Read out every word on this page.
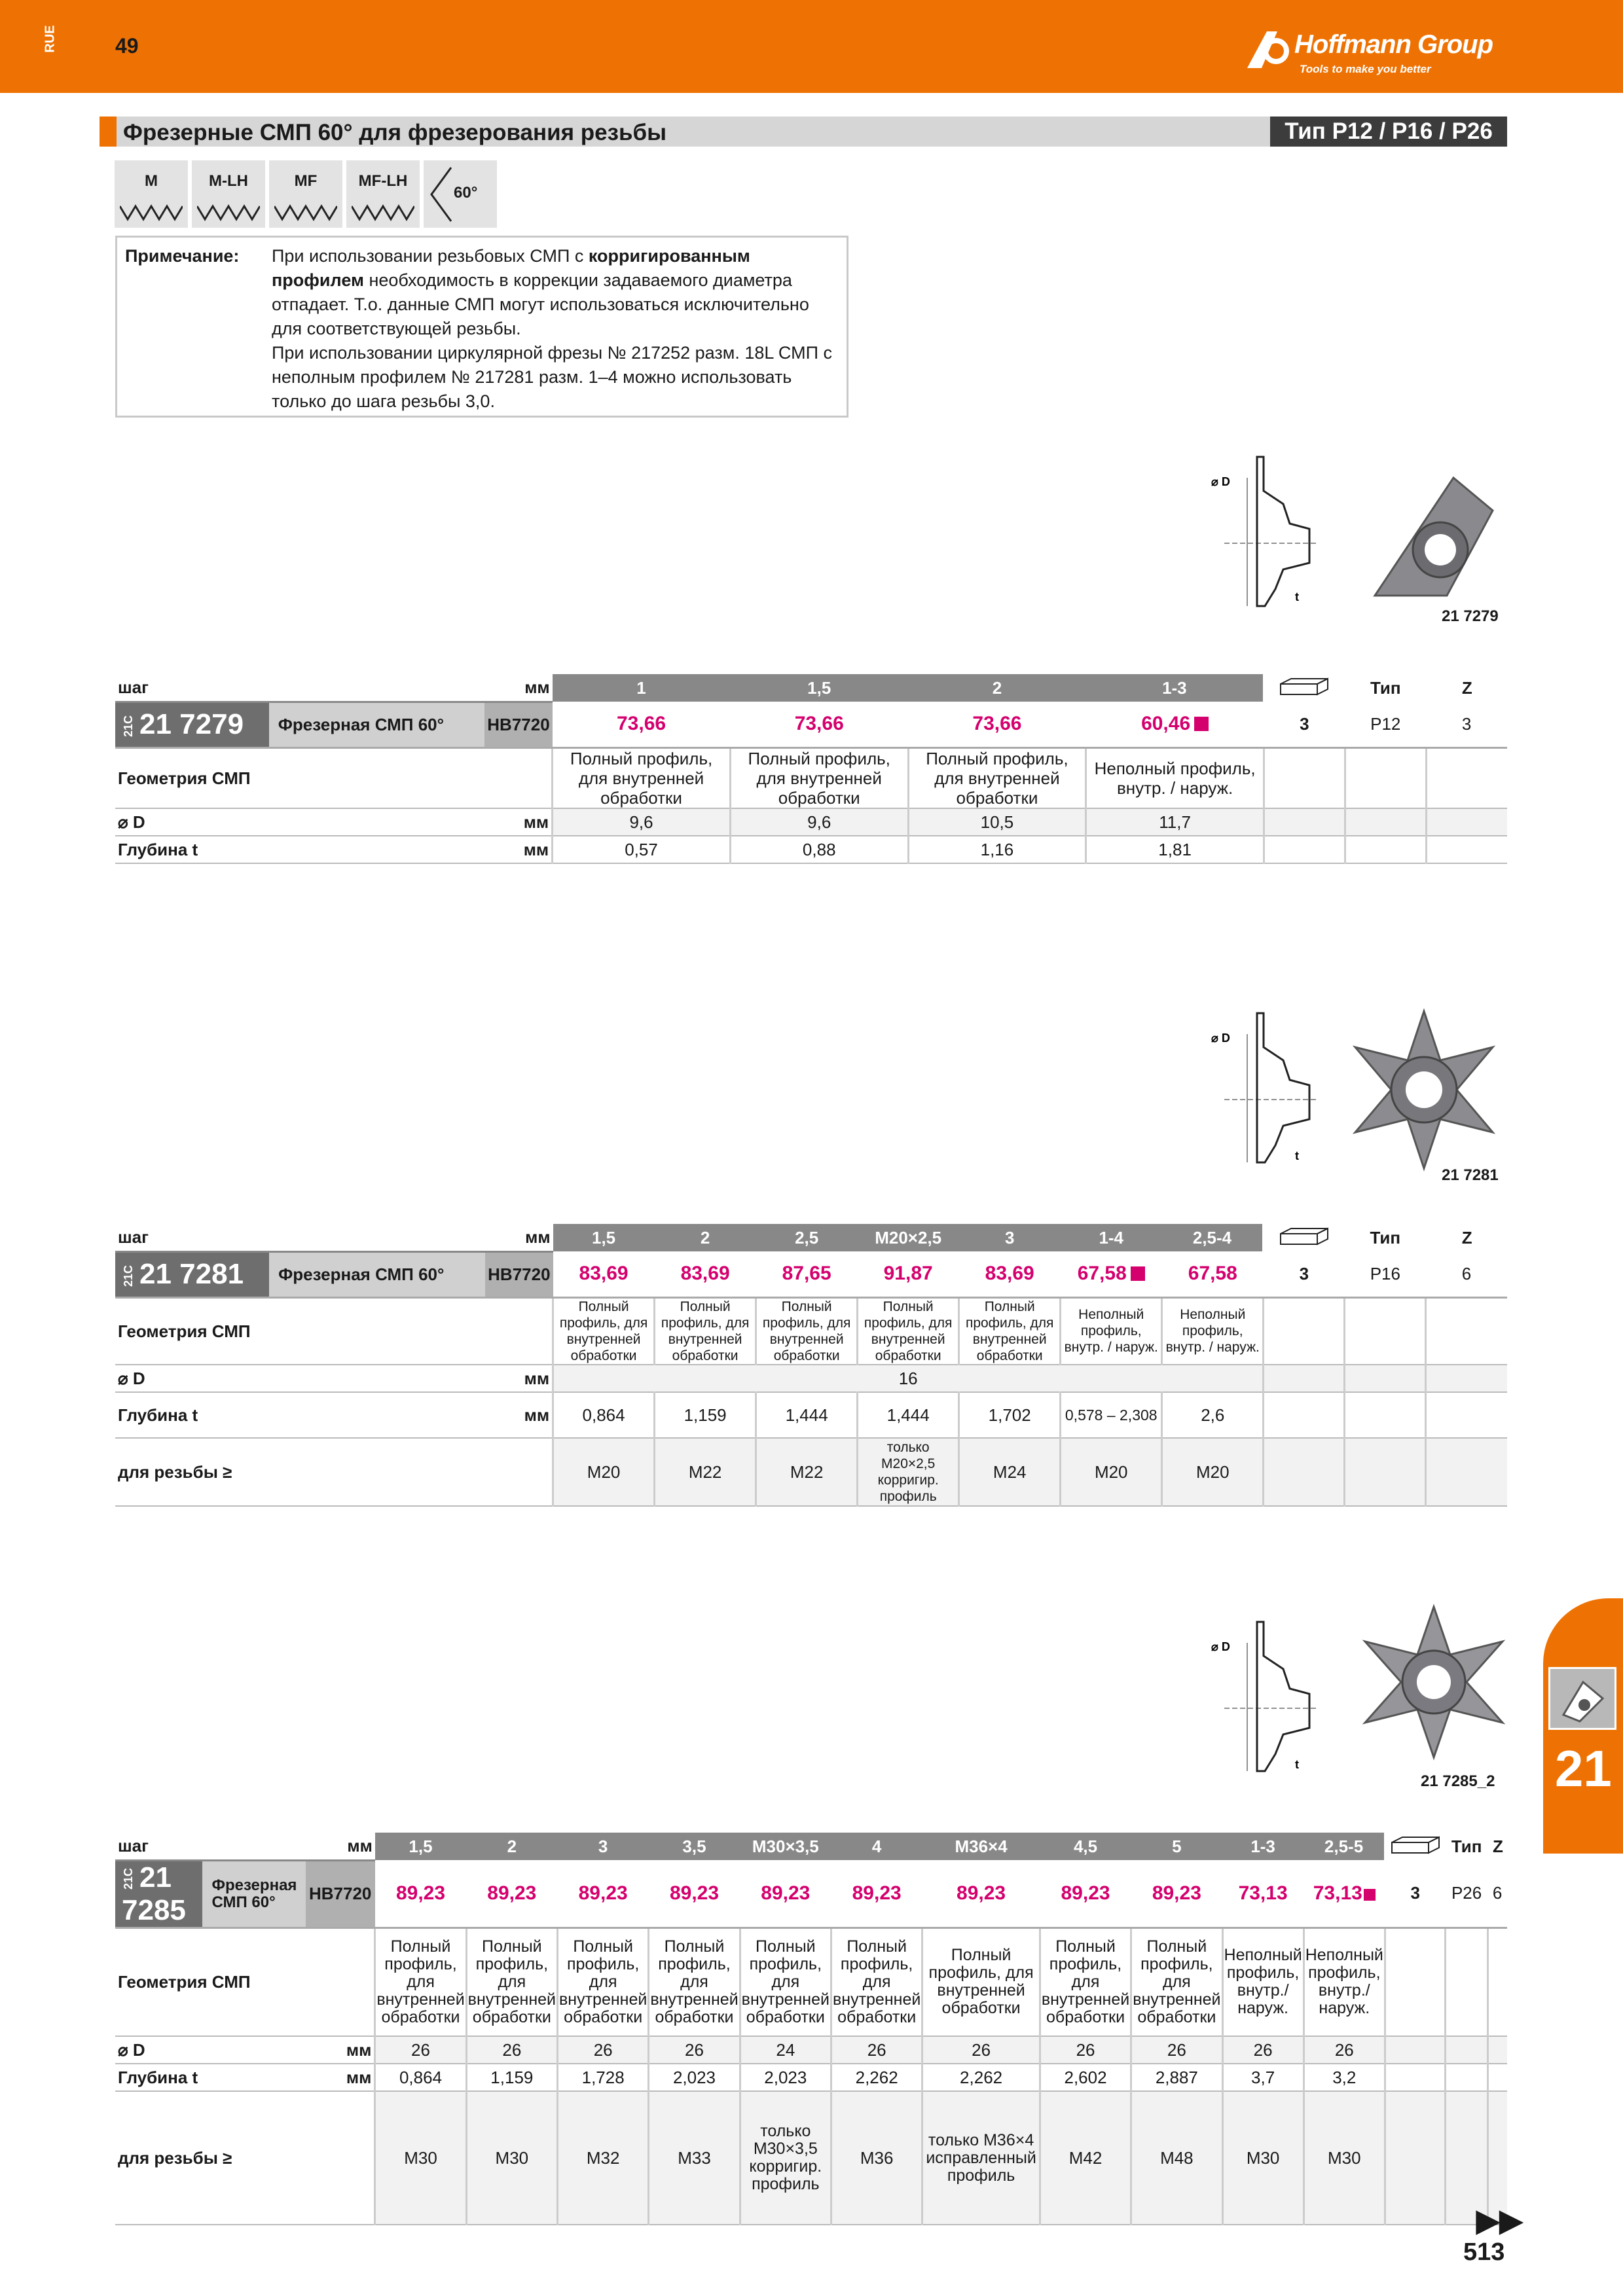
RUE	49	Hoffmann Group
Tools to make you better
Фрезерные СМП 60° для фрезерования резьбы	Тип P12 / P16 / P26
M	M-LH	MF	MF-LH
60°
Примечание: При использовании резьбовых СМП с корригированным профилем необходимость в коррекции задаваемого диаметра отпадает. Т.о. данные СМП могут использоваться исключительно для соответствующей резьбы.
При использовании циркулярной фрезы № 217252 разм. 18L СМП с неполным профилем № 217281 разм. 1–4 можно использовать только до шага резьбы 3,0.
⌀ D
t
21 7279
шаг		мм	1	1,5	2	1-3		Тип	Z
21C 21 7279	Фрезерная СМП 60°	HB7720	73,66	73,66	73,66	60,46	3	P12	3
Геометрия СМП			Полный профиль, для внутренней обработки	Полный профиль, для внутренней обработки	Полный профиль, для внутренней обработки	Неполный профиль, внутр. / наруж.			
⌀ D		мм	9,6	9,6	10,5	11,7			
Глубина t		мм	0,57	0,88	1,16	1,81			
⌀ D
t
21 7281
шаг		мм	1,5	2	2,5	M20×2,5	3	1-4	2,5-4		Тип	Z
21C 21 7281	Фрезерная СМП 60°	HB7720	83,69	83,69	87,65	91,87	83,69	67,58	67,58	3	P16	6
Геометрия СМП			Полный профиль, для внутренней обработки	Полный профиль, для внутренней обработки	Полный профиль, для внутренней обработки	Полный профиль, для внутренней обработки	Полный профиль, для внутренней обработки	Неполный профиль, внутр. / наруж.	Неполный профиль, внутр. / наруж.			
⌀ D		мм	16									
Глубина t		мм	0,864	1,159	1,444	1,444	1,702	0,578 – 2,308	2,6			
для резьбы ≥			M20	M22	M22	только M20×2,5 корригир. профиль	M24	M20	M20			
⌀ D
t
21 7285_2
шаг		мм	1,5	2	3	3,5	M30×3,5	4	M36×4	4,5	5	1-3	2,5-5		Тип	Z
21C 21 7285	Фрезерная СМП 60°	HB7720	89,23	89,23	89,23	89,23	89,23	89,23	89,23	89,23	89,23	73,13	73,13	3	P26	6
Геометрия СМП			Полный профиль, для внутренней обработки	Полный профиль, для внутренней обработки	Полный профиль, для внутренней обработки	Полный профиль, для внутренней обработки	Полный профиль, для внутренней обработки	Полный профиль, для внутренней обработки	Полный профиль, для внутренней обработки	Полный профиль, для внутренней обработки	Полный профиль, для внутренней обработки	Неполный профиль, внутр./наруж.	Неполный профиль, внутр./наруж.			
⌀ D		мм	26	26	26	26	24	26	26	26	26	26	26			
Глубина t		мм	0,864	1,159	1,728	2,023	2,023	2,262	2,262	2,602	2,887	3,7	3,2			
для резьбы ≥			M30	M30	M32	M33	только M30×3,5 корригир. профиль	M36	только M36×4 исправленный профиль	M42	M48	M30	M30			
21
▶▶
513
